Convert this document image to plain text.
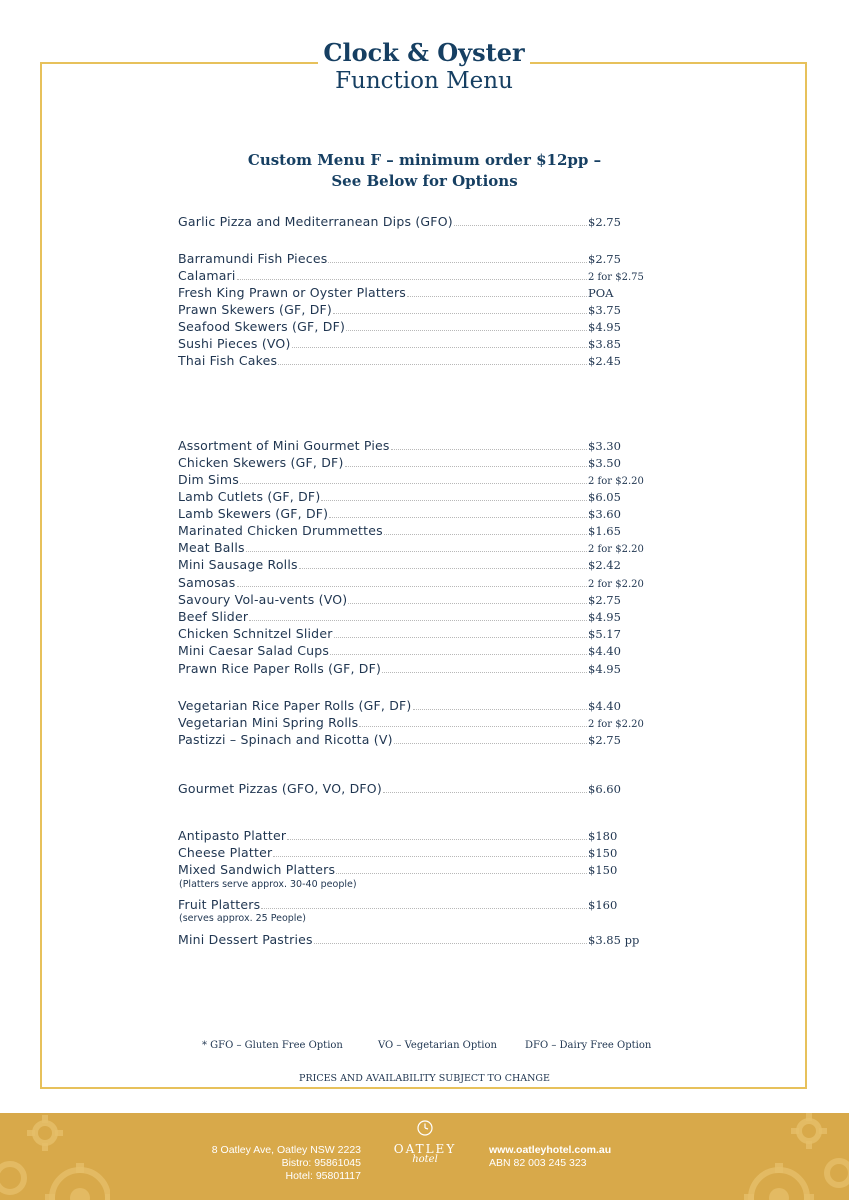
Clock & Oyster
Function Menu
Custom Menu F – minimum order $12pp –
See Below for Options
Garlic Pizza and Mediterranean Dips (GFO)	$2.75
Barramundi Fish Pieces	$2.75
Calamari	2 for $2.75
Fresh King Prawn or Oyster Platters	POA
Prawn Skewers (GF, DF)	$3.75
Seafood Skewers (GF, DF)	$4.95
Sushi Pieces (VO)	$3.85
Thai Fish Cakes	$2.45
Assortment of Mini Gourmet Pies	$3.30
Chicken Skewers (GF, DF)	$3.50
Dim Sims	2 for $2.20
Lamb Cutlets (GF, DF)	$6.05
Lamb Skewers (GF, DF)	$3.60
Marinated Chicken Drummettes	$1.65
Meat Balls	2 for $2.20
Mini Sausage Rolls	$2.42
Samosas	2 for $2.20
Savoury Vol-au-vents (VO)	$2.75
Beef Slider	$4.95
Chicken Schnitzel Slider	$5.17
Mini Caesar Salad Cups	$4.40
Prawn Rice Paper Rolls (GF, DF)	$4.95
Vegetarian Rice Paper Rolls (GF, DF)	$4.40
Vegetarian Mini Spring Rolls	2 for $2.20
Pastizzi – Spinach and Ricotta (V)	$2.75
Gourmet Pizzas (GFO, VO, DFO)	$6.60
Antipasto Platter	$180
Cheese Platter	$150
Mixed Sandwich Platters	$150
Fruit Platters	$160
Mini Dessert Pastries	$3.85 pp
(Platters serve approx. 30-40 people)
(serves approx. 25 People)
* GFO – Gluten Free Option	VO – Vegetarian Option	DFO – Dairy Free Option
PRICES AND AVAILABILITY SUBJECT TO CHANGE
8 Oatley Ave, Oatley NSW 2223
Bistro: 95861045
Hotel: 95801117
OATLEY
hotel
www.oatleyhotel.com.au
ABN 82 003 245 323
